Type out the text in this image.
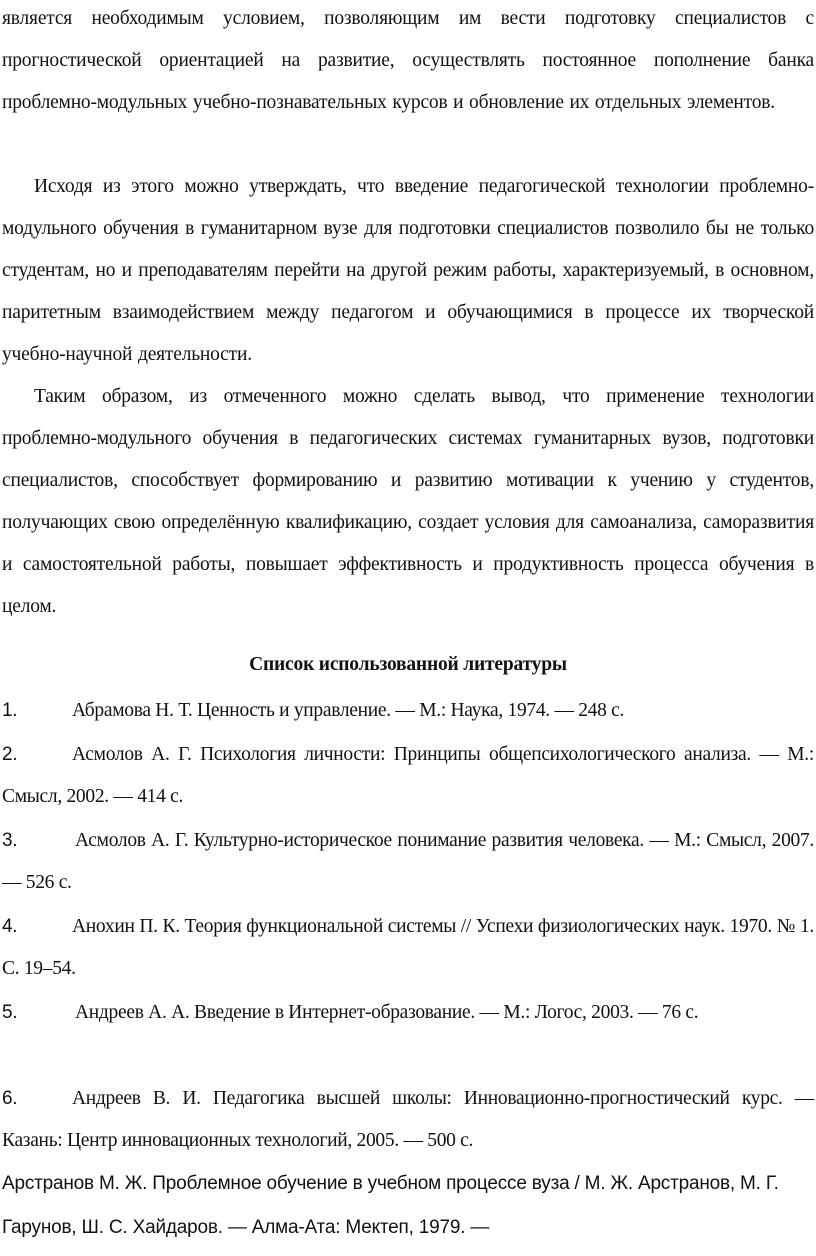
является необходимым условием, позволяющим им вести подготовку специалистов с прогностической ориентацией на развитие, осуществлять постоянное пополнение банка проблемно-модульных учебно-познавательных курсов и обновление их отдельных элементов.

Исходя из этого можно утверждать, что введение педагогической технологии проблемно-модульного обучения в гуманитарном вузе для подготовки специалистов позволило бы не только студентам, но и преподавателям перейти на другой режим работы, характеризуемый, в основном, паритетным взаимодействием между педагогом и обучающимися в процессе их творческой учебно-научной деятельности.

Таким образом, из отмеченного можно сделать вывод, что применение технологии проблемно-модульного обучения в педагогических системах гуманитарных вузов, подготовки специалистов, способствует формированию и развитию мотивации к учению у студентов, получающих свою определённую квалификацию, создает условия для самоанализа, саморазвития и самостоятельной работы, повышает эффективность и продуктивность процесса обучения в целом.

Список использованной литературы

1.	Абрамова Н. Т. Ценность и управление. — М.: Наука, 1974. — 248 с.

2.	Асмолов А. Г. Психология личности: Принципы общепсихологического анализа. — М.: Смысл, 2002. — 414 с.

3.	Асмолов А. Г. Культурно-историческое понимание развития человека. — М.: Смысл, 2007. — 526 с.

4.	Анохин П. К. Теория функциональной системы // Успехи физиологических наук. 1970. № 1. С. 19–54.

5.	Андреев А. А. Введение в Интернет-образование. — М.: Логос, 2003. — 76 с.

6.	Андреев В. И. Педагогика высшей школы: Инновационно-прогностический курс. — Казань: Центр инновационных технологий, 2005. — 500 с.

Арстранов М. Ж. Проблемное обучение в учебном процессе вуза / М. Ж. Арстранов, М. Г. Гарунов, Ш. С. Хайдаров. — Алма-Ата: Мектеп, 1979. —
